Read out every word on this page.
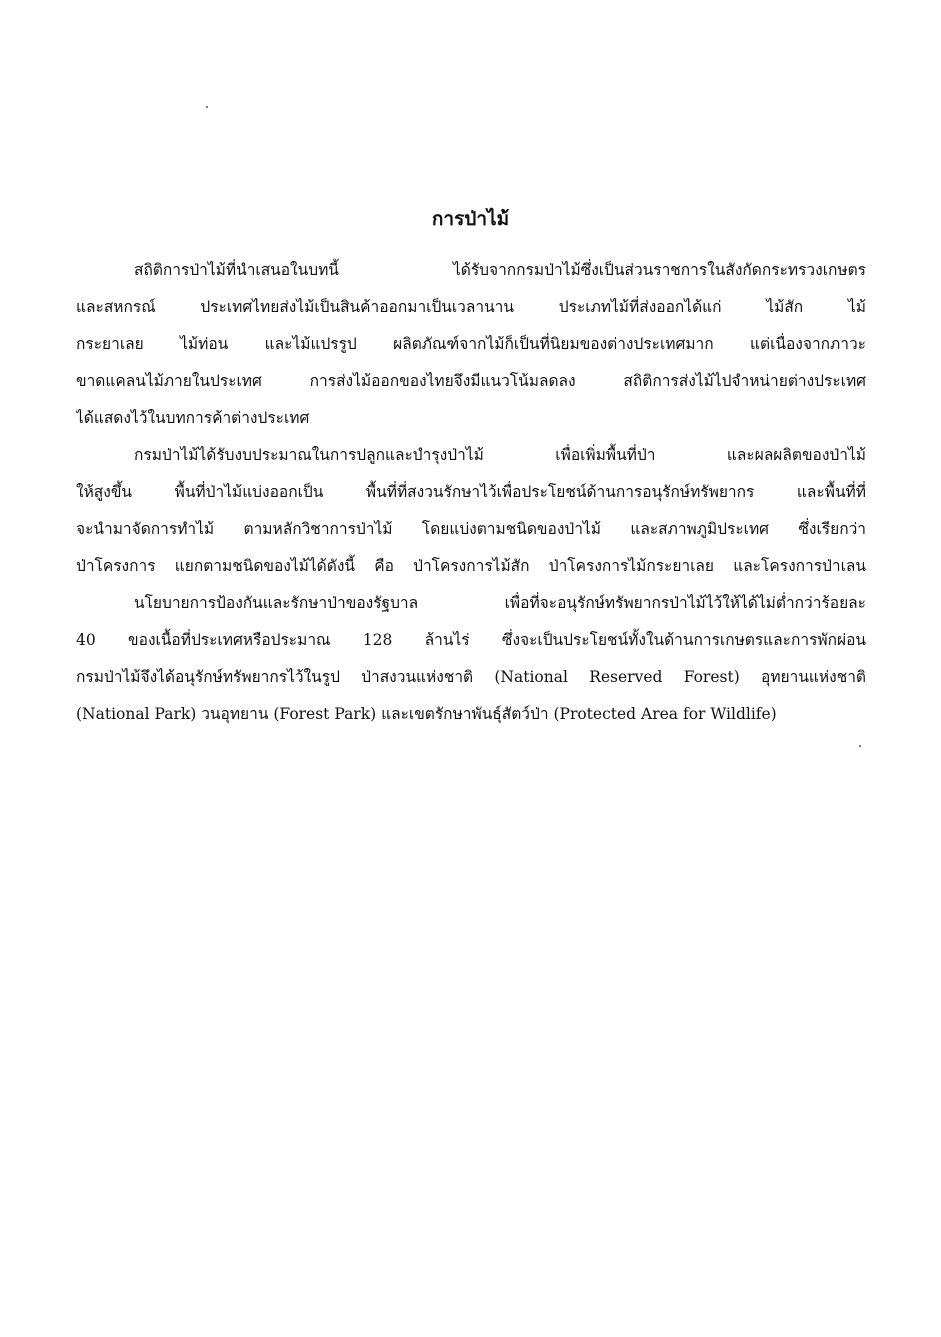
การป่าไม้
สถิติการป่าไม้ที่นำเสนอในบทนี้ ได้รับจากกรมป่าไม้ซึ่งเป็นส่วนราชการในสังกัดกระทรวงเกษตร
และสหกรณ์ ประเทศไทยส่งไม้เป็นสินค้าออกมาเป็นเวลานาน ประเภทไม้ที่ส่งออกได้แก่ ไม้สัก ไม้
กระยาเลย ไม้ท่อน และไม้แปรรูป ผลิตภัณฑ์จากไม้ก็เป็นที่นิยมของต่างประเทศมาก แต่เนื่องจากภาวะ
ขาดแคลนไม้ภายในประเทศ การส่งไม้ออกของไทยจึงมีแนวโน้มลดลง สถิติการส่งไม้ไปจำหน่ายต่างประเทศ
ได้แสดงไว้ในบทการค้าต่างประเทศ
กรมป่าไม้ได้รับงบประมาณในการปลูกและบำรุงป่าไม้ เพื่อเพิ่มพื้นที่ป่า และผลผลิตของป่าไม้
ให้สูงขึ้น พื้นที่ป่าไม้แบ่งออกเป็น พื้นที่ที่สงวนรักษาไว้เพื่อประโยชน์ด้านการอนุรักษ์ทรัพยากร และพื้นที่ที่
จะนำมาจัดการทำไม้ ตามหลักวิชาการป่าไม้ โดยแบ่งตามชนิดของป่าไม้ และสภาพภูมิประเทศ ซึ่งเรียกว่า
ป่าโครงการ แยกตามชนิดของไม้ได้ดังนี้ คือ ป่าโครงการไม้สัก ป่าโครงการไม้กระยาเลย และโครงการป่าเลน
นโยบายการป้องกันและรักษาป่าของรัฐบาล เพื่อที่จะอนุรักษ์ทรัพยากรป่าไม้ไว้ให้ได้ไม่ต่ำกว่าร้อยละ
40 ของเนื้อที่ประเทศหรือประมาณ 128 ล้านไร่ ซึ่งจะเป็นประโยชน์ทั้งในด้านการเกษตรและการพักผ่อน
กรมป่าไม้จึงได้อนุรักษ์ทรัพยากรไว้ในรูป ป่าสงวนแห่งชาติ (National Reserved Forest) อุทยานแห่งชาติ
(National Park) วนอุทยาน (Forest Park) และเขตรักษาพันธุ์สัตว์ป่า (Protected Area for Wildlife)
